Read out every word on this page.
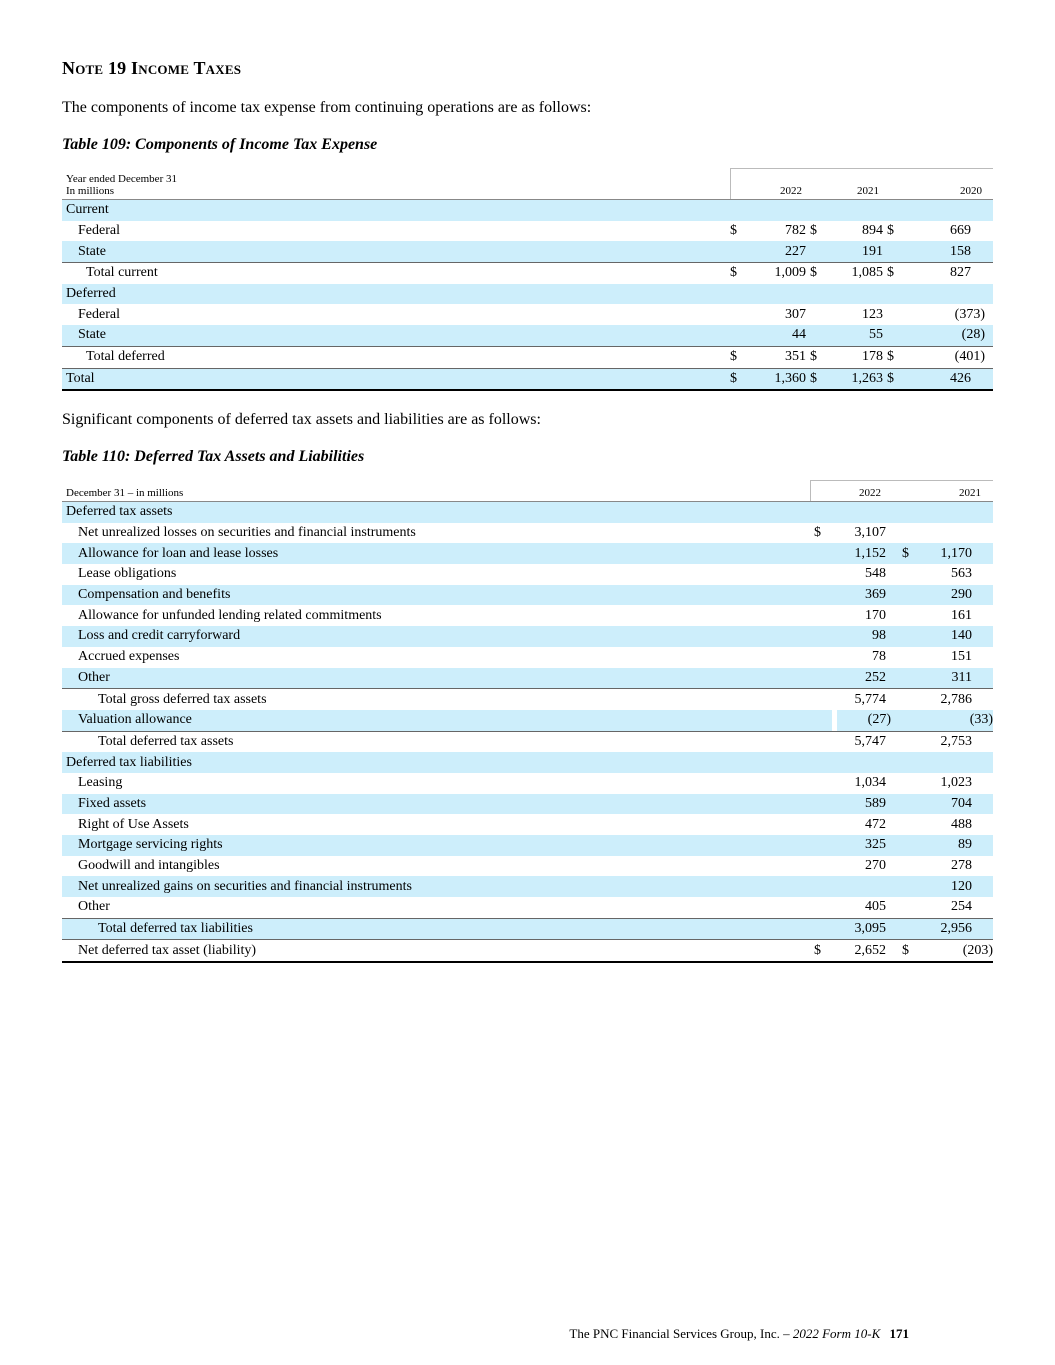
Note 19 Income Taxes
The components of income tax expense from continuing operations are as follows:
Table 109: Components of Income Tax Expense
Year ended December 31
In millions	2022		2021		2020		
Current							
Federal	$	782	$	894	$	669	
State		227		191		158	
Total current	$	1,009	$	1,085	$	827	
Deferred							
Federal		307		123		(373)	
State		44		55		(28)	
Total deferred	$	351	$	178	$	(401)	
Total	$	1,360	$	1,263	$	426	
Significant components of deferred tax assets and liabilities are as follows:
Table 110: Deferred Tax Assets and Liabilities
December 31 – in millions	2022	2021
Deferred tax assets
Net unrealized losses on securities and financial instruments	$	3,107			
Allowance for loan and lease losses		1,152	$	1,170	
Lease obligations		548		563	
Compensation and benefits		369		290	
Allowance for unfunded lending related commitments		170		161	
Loss and credit carryforward		98		140	
Accrued expenses		78		151	
Other		252		311	
Total gross deferred tax assets		5,774		2,786	
Valuation allowance		(27)		(33)
Total deferred tax assets		5,747		2,753	
Deferred tax liabilities
Leasing		1,034		1,023	
Fixed assets		589		704	
Right of Use Assets		472		488	
Mortgage servicing rights		325		89	
Goodwill and intangibles		270		278	
Net unrealized gains on securities and financial instruments				120	
Other		405		254	
Total deferred tax liabilities		3,095		2,956	
Net deferred tax asset (liability)	$	2,652	$	(203)
The PNC Financial Services Group, Inc. – 2022 Form 10-K 171
